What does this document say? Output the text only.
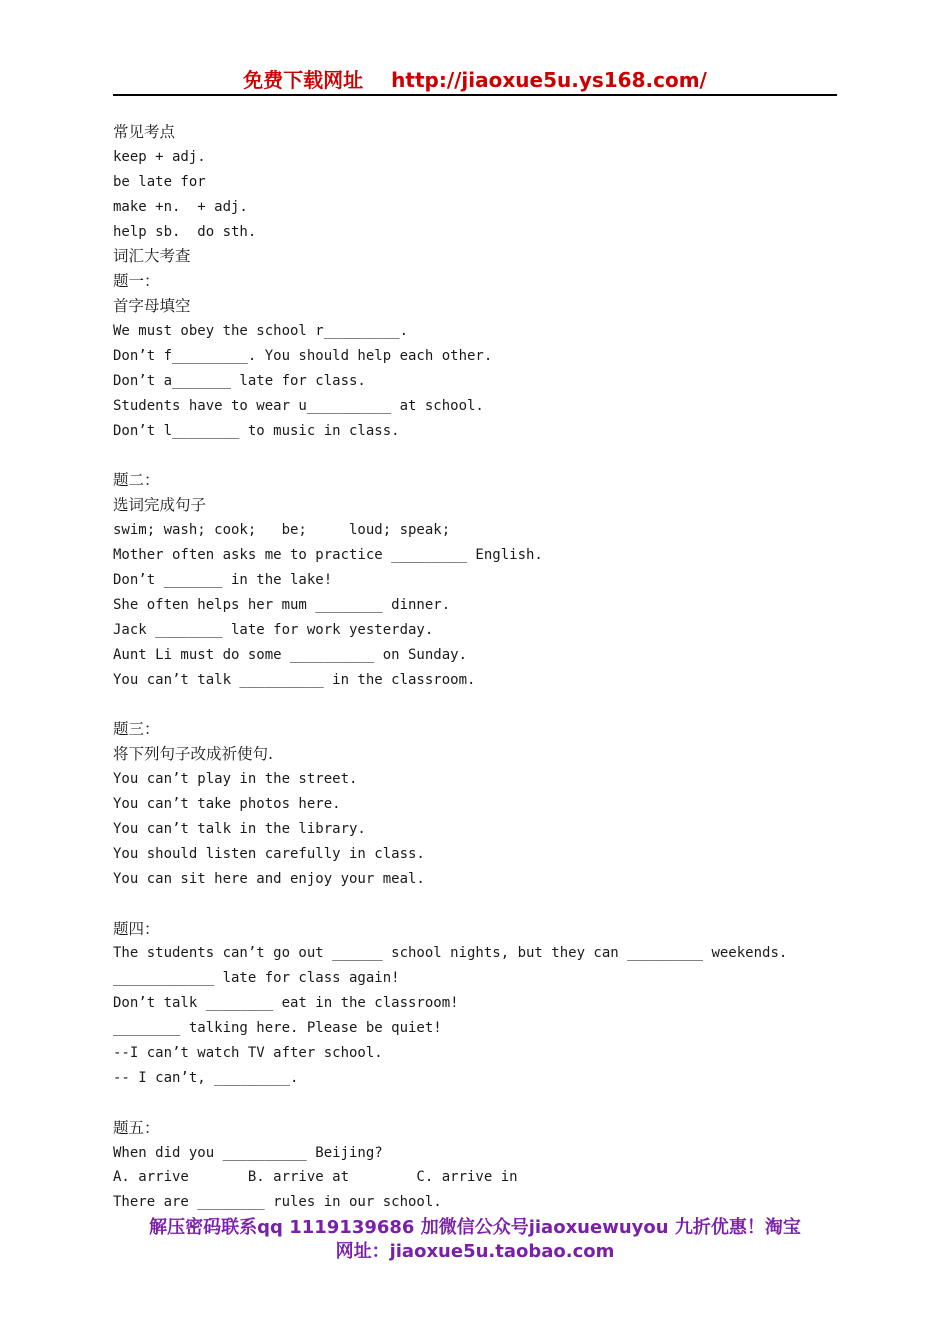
免费下载网址 http://jiaoxue5u.ys168.com/
常见考点
keep + adj.
be late for
make +n.  + adj.
help sb.  do sth.
词汇大考查
题一：
首字母填空
We must obey the school r_________.
Don’t f_________. You should help each other.
Don’t a_______ late for class.
Students have to wear u__________ at school.
Don’t l________ to music in class.
题二：
选词完成句子
swim; wash; cook;   be;     loud; speak;
Mother often asks me to practice _________ English.
Don’t _______ in the lake!
She often helps her mum ________ dinner.
Jack ________ late for work yesterday.
Aunt Li must do some __________ on Sunday.
You can’t talk __________ in the classroom.
题三：
将下列句子改成祈使句.
You can’t play in the street.
You can’t take photos here.
You can’t talk in the library.
You should listen carefully in class.
You can sit here and enjoy your meal.
题四：
The students can’t go out ______ school nights, but they can _________ weekends.
____________ late for class again!
Don’t talk ________ eat in the classroom!
________ talking here. Please be quiet!
--I can’t watch TV after school.
-- I can’t, _________.
题五：
When did you __________ Beijing?
A. arrive       B. arrive at        C. arrive in
There are ________ rules in our school.
解压密码联系qq 1119139686 加微信公众号jiaoxuewuyou 九折优惠！淘宝
网址：jiaoxue5u.taobao.com
